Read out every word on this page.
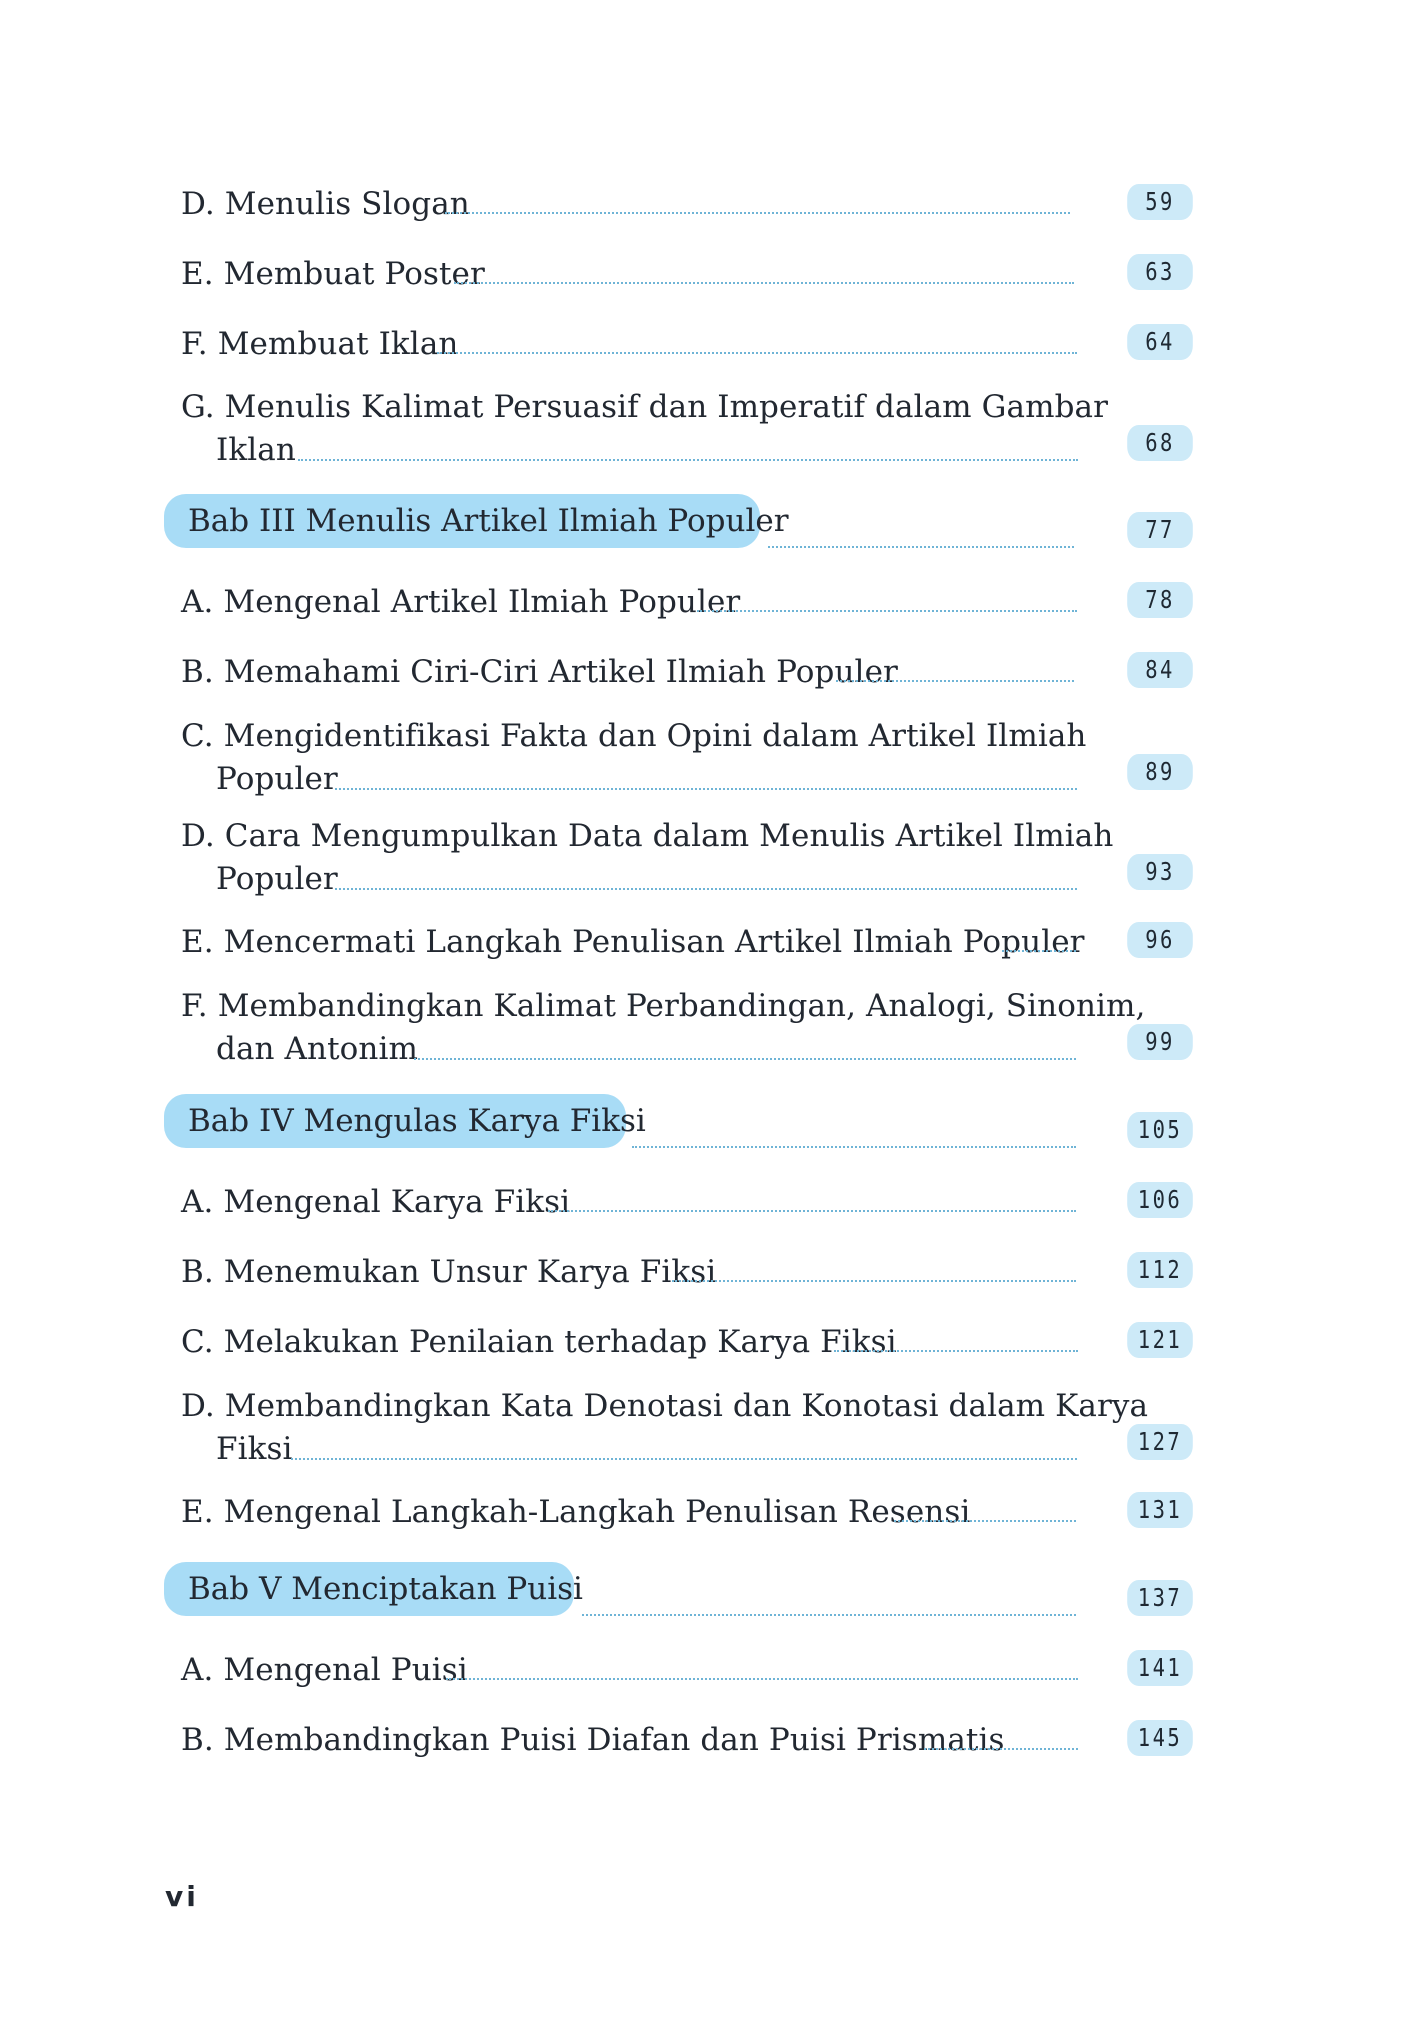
D. Menulis Slogan	59
E. Membuat Poster	63
F. Membuat Iklan	64
G. Menulis Kalimat Persuasif dan Imperatif dalam Gambar
Iklan	68
Bab III Menulis Artikel Ilmiah Populer	77
A. Mengenal Artikel Ilmiah Populer	78
B. Memahami Ciri-Ciri Artikel Ilmiah Populer	84
C. Mengidentifikasi Fakta dan Opini dalam Artikel Ilmiah
Populer	89
D. Cara Mengumpulkan Data dalam Menulis Artikel Ilmiah
Populer	93
E. Mencermati Langkah Penulisan Artikel Ilmiah Populer	96
F. Membandingkan Kalimat Perbandingan, Analogi, Sinonim,
dan Antonim	99
Bab IV Mengulas Karya Fiksi	105
A. Mengenal Karya Fiksi	106
B. Menemukan Unsur Karya Fiksi	112
C. Melakukan Penilaian terhadap Karya Fiksi	121
D. Membandingkan Kata Denotasi dan Konotasi dalam Karya
Fiksi	127
E. Mengenal Langkah-Langkah Penulisan Resensi	131
Bab V Menciptakan Puisi	137
A. Mengenal Puisi	141
B. Membandingkan Puisi Diafan dan Puisi Prismatis	145
vi
